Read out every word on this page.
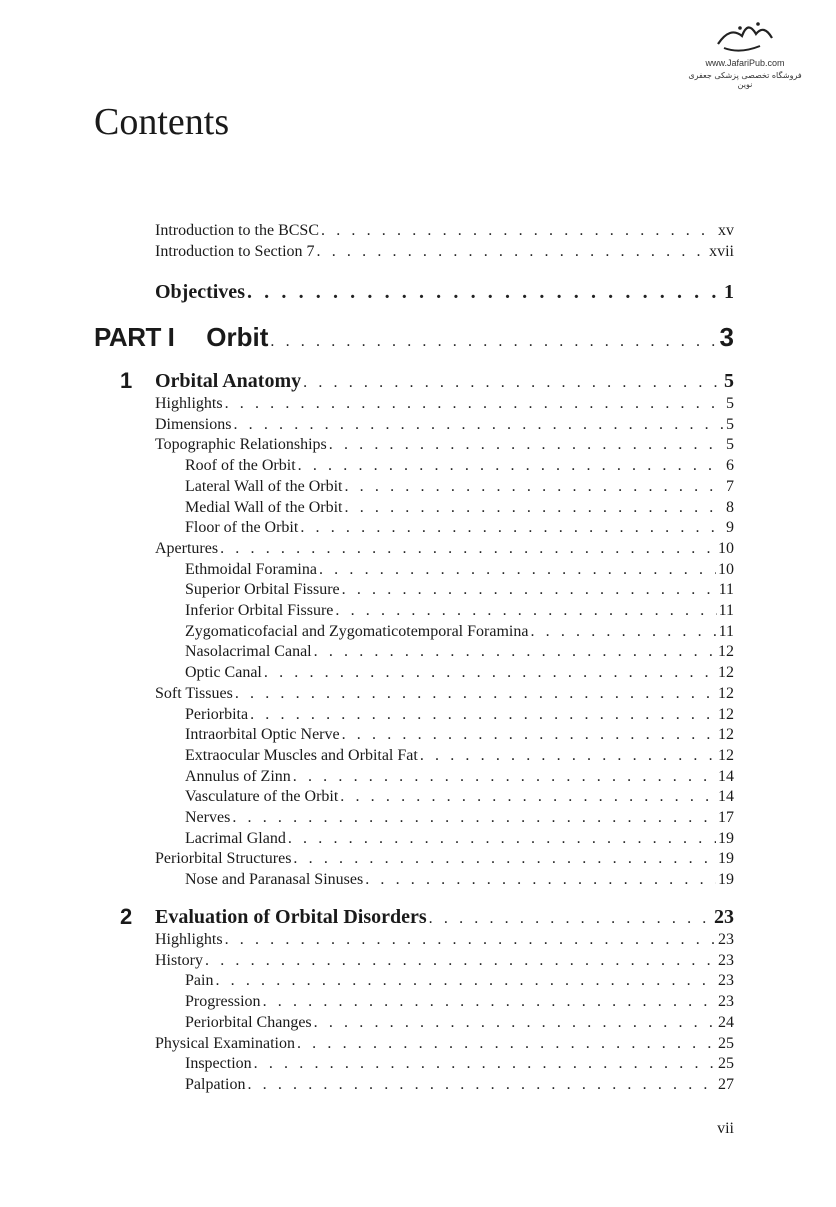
www.JafariPub.com
فروشگاه تخصصی پزشکی جعفری نوین
Contents
Introduction to the BCSC . . .	xv
Introduction to Section 7 . . .	xvii
Objectives . . .	1
PART I Orbit . . .	3
1 Orbital Anatomy . . .	5
Highlights . . .	5
Dimensions . . .	5
Topographic Relationships . . .	5
Roof of the Orbit . . .	6
Lateral Wall of the Orbit . . .	7
Medial Wall of the Orbit . . .	8
Floor of the Orbit . . .	9
Apertures . . .	10
Ethmoidal Foramina . . .	10
Superior Orbital Fissure . . .	11
Inferior Orbital Fissure . . .	11
Zygomaticofacial and Zygomaticotemporal Foramina . . .	11
Nasolacrimal Canal . . .	12
Optic Canal . . .	12
Soft Tissues . . .	12
Periorbita . . .	12
Intraorbital Optic Nerve . . .	12
Extraocular Muscles and Orbital Fat . . .	12
Annulus of Zinn . . .	14
Vasculature of the Orbit . . .	14
Nerves . . .	17
Lacrimal Gland . . .	19
Periorbital Structures . . .	19
Nose and Paranasal Sinuses . . .	19
2 Evaluation of Orbital Disorders . . .	23
Highlights . . .	23
History . . .	23
Pain . . .	23
Progression . . .	23
Periorbital Changes . . .	24
Physical Examination . . .	25
Inspection . . .	25
Palpation . . .	27
vii
